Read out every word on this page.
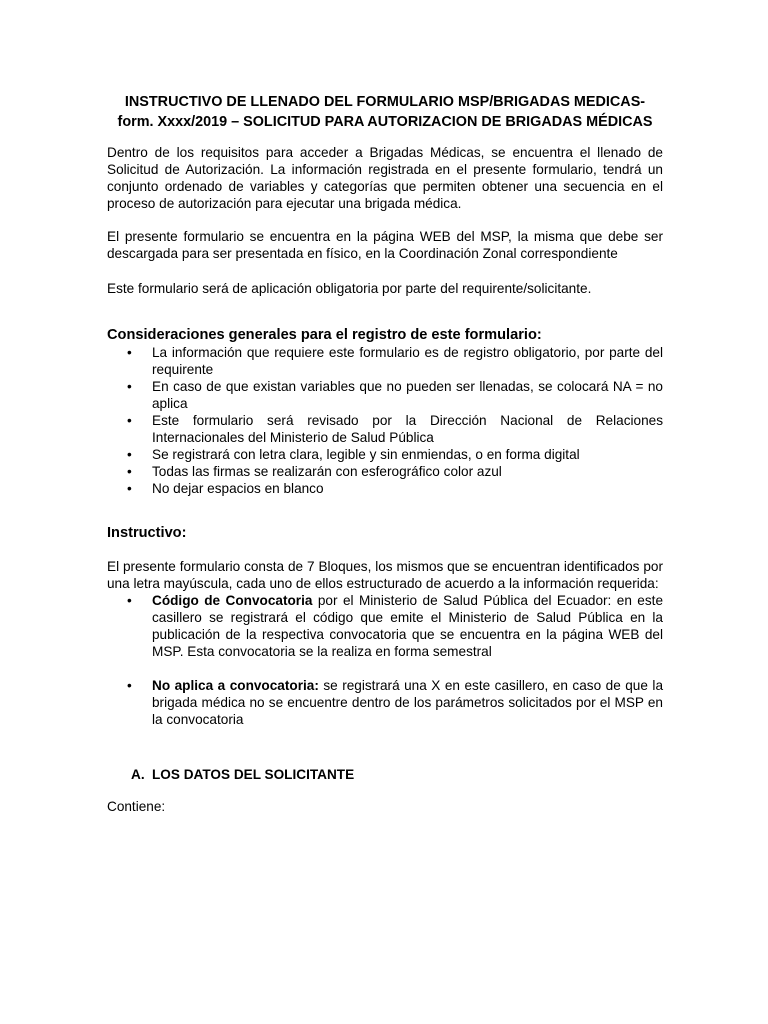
INSTRUCTIVO DE LLENADO DEL FORMULARIO MSP/BRIGADAS MEDICAS-form. Xxxx/2019 – SOLICITUD PARA AUTORIZACION DE BRIGADAS MÉDICAS

Dentro de los requisitos para acceder a Brigadas Médicas, se encuentra el llenado de Solicitud de Autorización. La información registrada en el presente formulario, tendrá un conjunto ordenado de variables y categorías que permiten obtener una secuencia en el proceso de autorización para ejecutar una brigada médica.

El presente formulario se encuentra en la página WEB del MSP, la misma que debe ser descargada para ser presentada en físico, en la Coordinación Zonal correspondiente

Este formulario será de aplicación obligatoria por parte del requirente/solicitante.

Consideraciones generales para el registro de este formulario:
• La información que requiere este formulario es de registro obligatorio, por parte del requirente
• En caso de que existan variables que no pueden ser llenadas, se colocará NA = no aplica
• Este formulario será revisado por la Dirección Nacional de Relaciones Internacionales del Ministerio de Salud Pública
• Se registrará con letra clara, legible y sin enmiendas, o en forma digital
• Todas las firmas se realizarán con esferográfico color azul
• No dejar espacios en blanco
Instructivo:

El presente formulario consta de 7 Bloques, los mismos que se encuentran identificados por una letra mayúscula, cada uno de ellos estructurado de acuerdo a la información requerida:

• Código de Convocatoria por el Ministerio de Salud Pública del Ecuador: en este casillero se registrará el código que emite el Ministerio de Salud Pública en la publicación de la respectiva convocatoria que se encuentra en la página WEB del MSP. Esta convocatoria se la realiza en forma semestral
• No aplica a convocatoria: se registrará una X en este casillero, en caso de que la brigada médica no se encuentre dentro de los parámetros solicitados por el MSP en la convocatoria
A. LOS DATOS DEL SOLICITANTE

Contiene:
